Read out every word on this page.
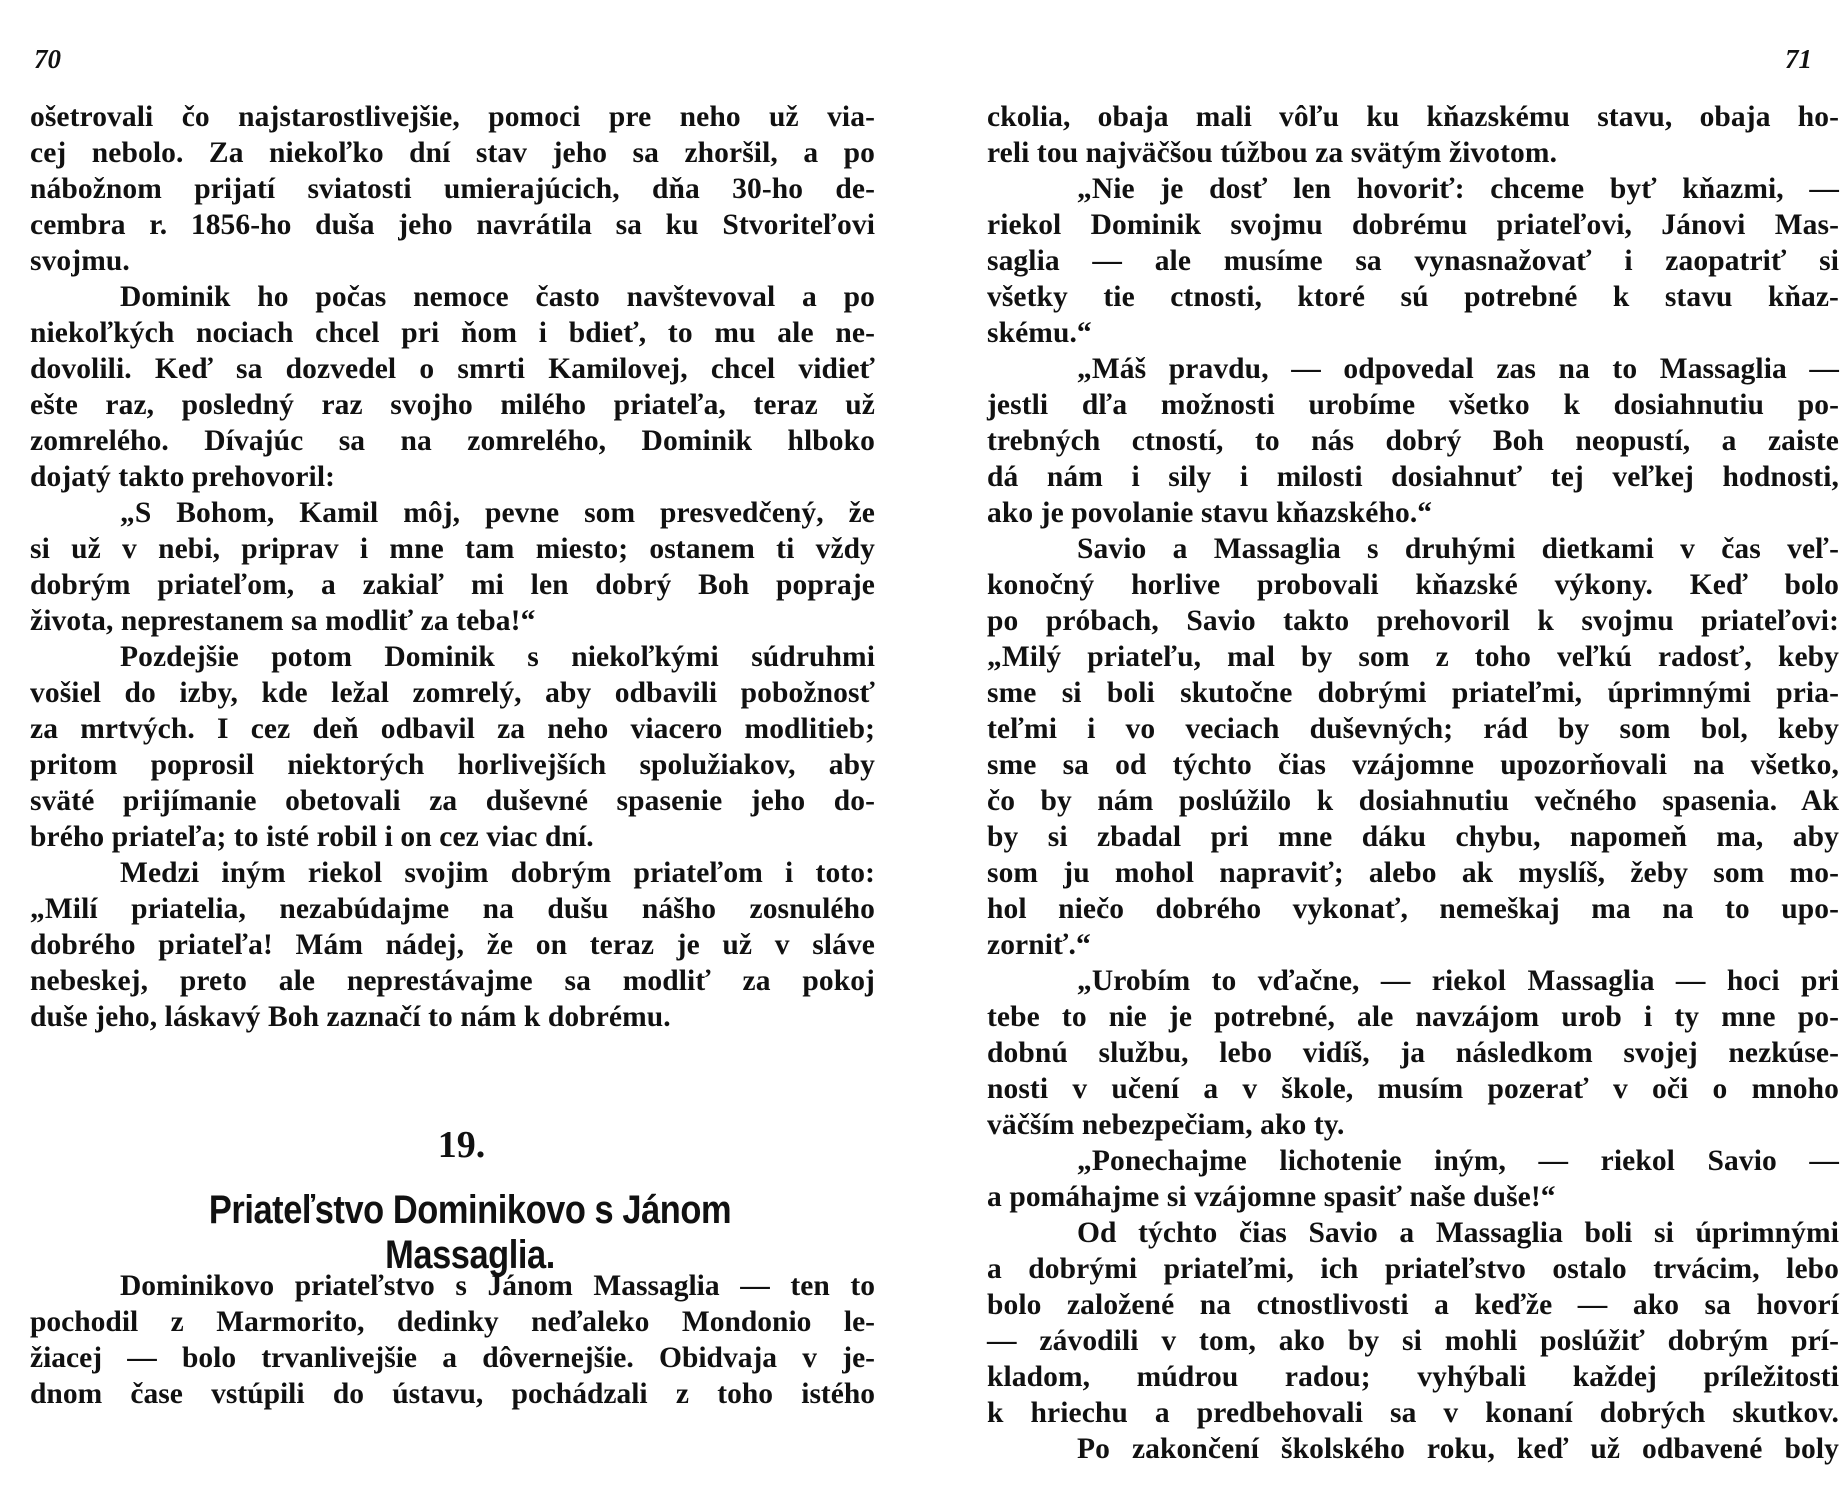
70
ošetrovali čo najstarostlivejšie, pomoci pre neho už via-
cej nebolo. Za niekoľko dní stav jeho sa zhoršil, a po
nábožnom prijatí sviatosti umierajúcich, dňa 30-ho de-
cembra r. 1856-ho duša jeho navrátila sa ku Stvoriteľovi
svojmu.
Dominik ho počas nemoce často navštevoval a po
niekoľkých nociach chcel pri ňom i bdieť, to mu ale ne-
dovolili. Keď sa dozvedel o smrti Kamilovej, chcel vidieť
ešte raz, posledný raz svojho milého priateľa, teraz už
zomrelého. Dívajúc sa na zomrelého, Dominik hlboko
dojatý takto prehovoril:
„S Bohom, Kamil môj, pevne som presvedčený, že
si už v nebi, priprav i mne tam miesto; ostanem ti vždy
dobrým priateľom, a zakiaľ mi len dobrý Boh popraje
života, neprestanem sa modliť za teba!“
Pozdejšie potom Dominik s niekoľkými súdruhmi
vošiel do izby, kde ležal zomrelý, aby odbavili pobožnosť
za mrtvých. I cez deň odbavil za neho viacero modlitieb;
pritom poprosil niektorých horlivejších spolužiakov, aby
sväté prijímanie obetovali za duševné spasenie jeho do-
brého priateľa; to isté robil i on cez viac dní.
Medzi iným riekol svojim dobrým priateľom i toto:
„Milí priatelia, nezabúdajme na dušu nášho zosnulého
dobrého priateľa! Mám nádej, že on teraz je už v sláve
nebeskej, preto ale neprestávajme sa modliť za pokoj
duše jeho, láskavý Boh zaznačí to nám k dobrému.
19.
Priateľstvo Dominikovo s Jánom Massaglia.
Dominikovo priateľstvo s Jánom Massaglia — ten to
pochodil z Marmorito, dedinky neďaleko Mondonio le-
žiacej — bolo trvanlivejšie a dôvernejšie. Obidvaja v je-
dnom čase vstúpili do ústavu, pochádzali z toho istého
71
ckolia, obaja mali vôľu ku kňazskému stavu, obaja ho-
reli tou najväčšou túžbou za svätým životom.
„Nie je dosť len hovoriť: chceme byť kňazmi, —
riekol Dominik svojmu dobrému priateľovi, Jánovi Mas-
saglia — ale musíme sa vynasnažovať i zaopatriť si
všetky tie ctnosti, ktoré sú potrebné k stavu kňaz-
skému.“
„Máš pravdu, — odpovedal zas na to Massaglia —
jestli dľa možnosti urobíme všetko k dosiahnutiu po-
trebných ctností, to nás dobrý Boh neopustí, a zaiste
dá nám i sily i milosti dosiahnuť tej veľkej hodnosti,
ako je povolanie stavu kňazského.“
Savio a Massaglia s druhými dietkami v čas veľ-
konočný horlive probovali kňazské výkony. Keď bolo
po próbach, Savio takto prehovoril k svojmu priateľovi:
„Milý priateľu, mal by som z toho veľkú radosť, keby
sme si boli skutočne dobrými priateľmi, úprimnými pria-
teľmi i vo veciach duševných; rád by som bol, keby
sme sa od týchto čias vzájomne upozorňovali na všetko,
čo by nám poslúžilo k dosiahnutiu večného spasenia. Ak
by si zbadal pri mne dáku chybu, napomeň ma, aby
som ju mohol napraviť; alebo ak myslíš, žeby som mo-
hol niečo dobrého vykonať, nemeškaj ma na to upo-
zorniť.“
„Urobím to vďačne, — riekol Massaglia — hoci pri
tebe to nie je potrebné, ale navzájom urob i ty mne po-
dobnú službu, lebo vidíš, ja následkom svojej nezkúse-
nosti v učení a v škole, musím pozerať v oči o mnoho
väčším nebezpečiam, ako ty.
„Ponechajme lichotenie iným, — riekol Savio —
a pomáhajme si vzájomne spasiť naše duše!“
Od týchto čias Savio a Massaglia boli si úprimnými
a dobrými priateľmi, ich priateľstvo ostalo trvácim, lebo
bolo založené na ctnostlivosti a keďže — ako sa hovorí
— závodili v tom, ako by si mohli poslúžiť dobrým prí-
kladom, múdrou radou; vyhýbali každej príležitosti
k hriechu a predbehovali sa v konaní dobrých skutkov.
Po zakončení školského roku, keď už odbavené boly
